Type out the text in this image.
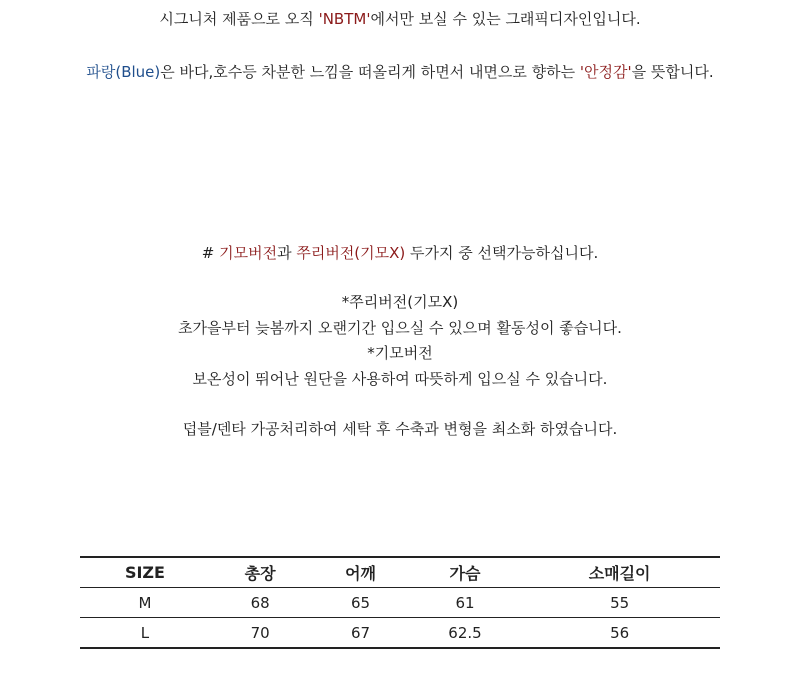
시그니처 제품으로 오직 'NBTM'에서만 보실 수 있는 그래픽디자인입니다.
파랑(Blue)은 바다,호수등 차분한 느낌을 떠올리게 하면서 내면으로 향하는 '안정감'을 뜻합니다.
# 기모버전과 쭈리버전(기모X) 두가지 중 선택가능하십니다.
*쭈리버전(기모X)
초가을부터 늦봄까지 오랜기간 입으실 수 있으며 활동성이 좋습니다.
*기모버전
보온성이 뛰어난 원단을 사용하여 따뜻하게 입으실 수 있습니다.
덥블/덴타 가공처리하여 세탁 후 수축과 변형을 최소화 하였습니다.
SIZE	총장	어깨	가슴	소매길이
M	68	65	61	55
L	70	67	62.5	56
